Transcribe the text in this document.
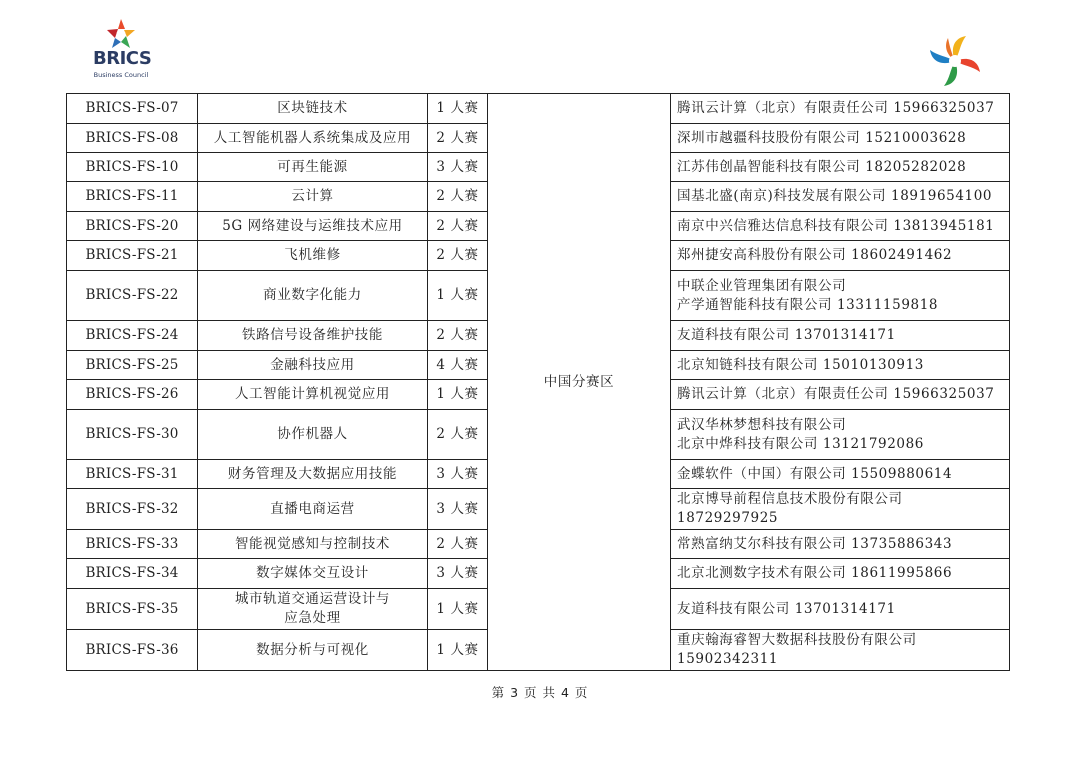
BRICS
Business Council
BRICS-FS-07	区块链技术	1 人赛	中国分赛区	腾讯云计算（北京）有限责任公司 15966325037

BRICS-FS-08	人工智能机器人系统集成及应用	2 人赛		深圳市越疆科技股份有限公司 15210003628

BRICS-FS-10	可再生能源	3 人赛		江苏伟创晶智能科技有限公司 18205282028

BRICS-FS-11	云计算	2 人赛		国基北盛(南京)科技发展有限公司 18919654100

BRICS-FS-20	5G 网络建设与运维技术应用	2 人赛		南京中兴信雅达信息科技有限公司 13813945181

BRICS-FS-21	飞机维修	2 人赛		郑州捷安高科股份有限公司 18602491462

BRICS-FS-22	商业数字化能力	1 人赛		中联企业管理集团有限公司
产学通智能科技有限公司 13311159818

BRICS-FS-24	铁路信号设备维护技能	2 人赛		友道科技有限公司 13701314171

BRICS-FS-25	金融科技应用	4 人赛		北京知链科技有限公司 15010130913

BRICS-FS-26	人工智能计算机视觉应用	1 人赛		腾讯云计算（北京）有限责任公司 15966325037

BRICS-FS-30	协作机器人	2 人赛		武汉华林梦想科技有限公司
北京中烨科技有限公司 13121792086

BRICS-FS-31	财务管理及大数据应用技能	3 人赛		金蝶软件（中国）有限公司 15509880614

BRICS-FS-32	直播电商运营	3 人赛		北京博导前程信息技术股份有限公司
18729297925

BRICS-FS-33	智能视觉感知与控制技术	2 人赛		常熟富纳艾尔科技有限公司 13735886343

BRICS-FS-34	数字媒体交互设计	3 人赛		北京北测数字技术有限公司 18611995866

BRICS-FS-35	城市轨道交通运营设计与
应急处理	1 人赛		友道科技有限公司 13701314171

BRICS-FS-36	数据分析与可视化	1 人赛		重庆翰海睿智大数据科技股份有限公司
15902342311
第 3 页 共 4 页
